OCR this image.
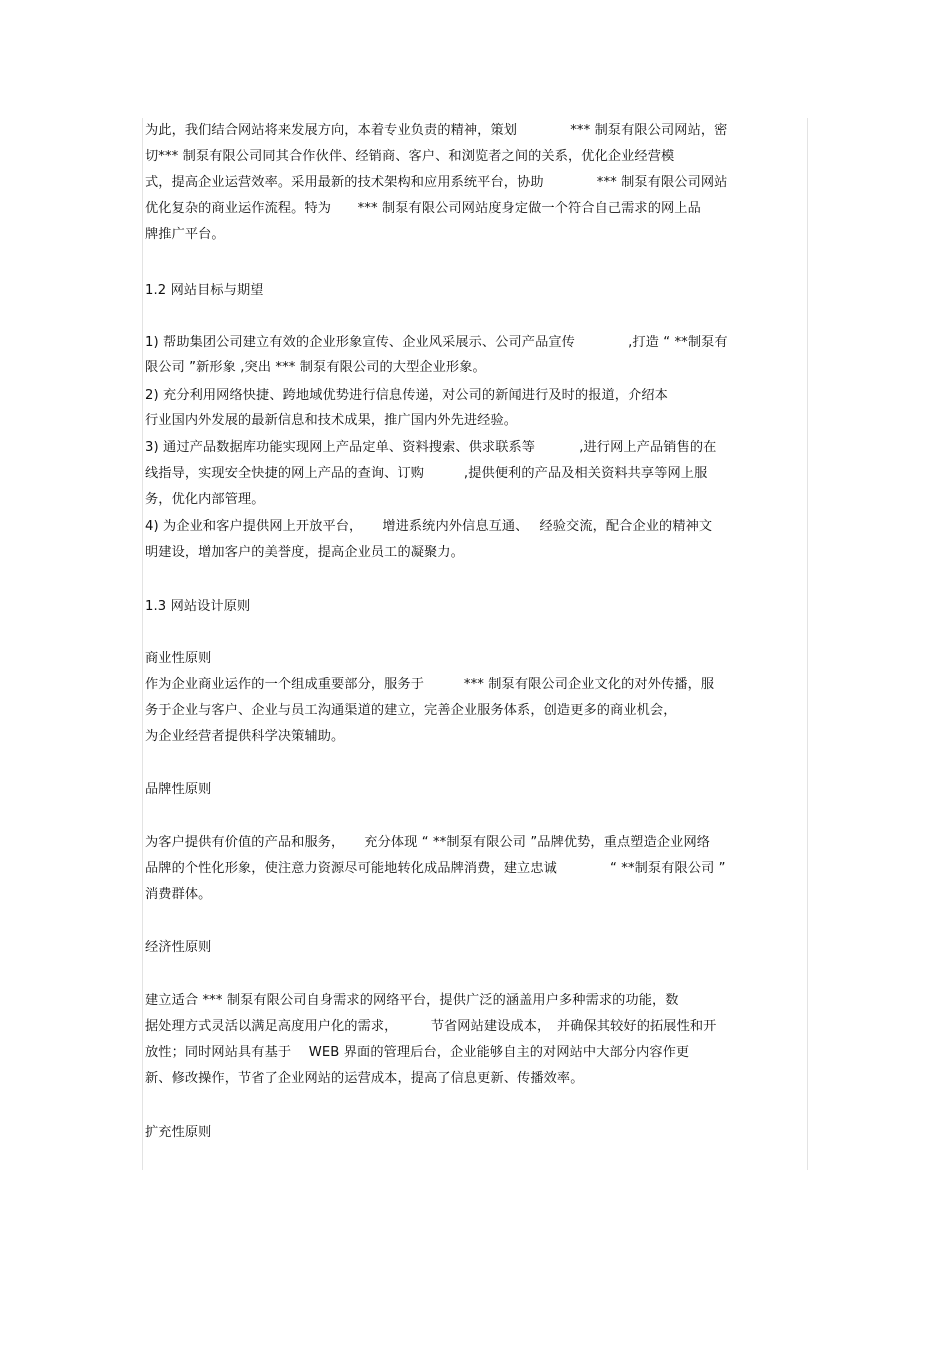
为此，我们结合网站将来发展方向，本着专业负责的精神，策划　　　　*** 制泵有限公司网站，密
切*** 制泵有限公司同其合作伙伴、经销商、客户、和浏览者之间的关系，优化企业经营模
式，提高企业运营效率。采用最新的技术架构和应用系统平台，协助　　　　*** 制泵有限公司网站
优化复杂的商业运作流程。特为　　*** 制泵有限公司网站度身定做一个符合自己需求的网上品
牌推广平台。
1.2 网站目标与期望
1) 帮助集团公司建立有效的企业形象宣传、企业风采展示、公司产品宣传　　　　,打造 “ **制泵有
限公司 ”新形象 ,突出 *** 制泵有限公司的大型企业形象。
2) 充分利用网络快捷、跨地域优势进行信息传递，对公司的新闻进行及时的报道，介绍本
行业国内外发展的最新信息和技术成果，推广国内外先进经验。
3) 通过产品数据库功能实现网上产品定单、资料搜索、供求联系等　　　 ,进行网上产品销售的在
线指导，实现安全快捷的网上产品的查询、订购　　　,提供便利的产品及相关资料共享等网上服
务，优化内部管理。
4) 为企业和客户提供网上开放平台，　　增进系统内外信息互通、　 经验交流，配合企业的精神文
明建设，增加客户的美誉度，提高企业员工的凝聚力。
1.3 网站设计原则
商业性原则
作为企业商业运作的一个组成重要部分，服务于　　　*** 制泵有限公司企业文化的对外传播，服
务于企业与客户、企业与员工沟通渠道的建立，完善企业服务体系，创造更多的商业机会，
为企业经营者提供科学决策辅助。
品牌性原则
为客户提供有价值的产品和服务，　　充分体现 “ **制泵有限公司 ”品牌优势，重点塑造企业网络
品牌的个性化形象，使注意力资源尽可能地转化成品牌消费，建立忠诚　　　　“ **制泵有限公司 ”
消费群体。
经济性原则
建立适合 *** 制泵有限公司自身需求的网络平台，提供广泛的涵盖用户多种需求的功能，数
据处理方式灵活以满足高度用户化的需求，　　　节省网站建设成本，　并确保其较好的拓展性和开
放性；同时网站具有基于　 WEB 界面的管理后台，企业能够自主的对网站中大部分内容作更
新、修改操作，节省了企业网站的运营成本，提高了信息更新、传播效率。
扩充性原则
